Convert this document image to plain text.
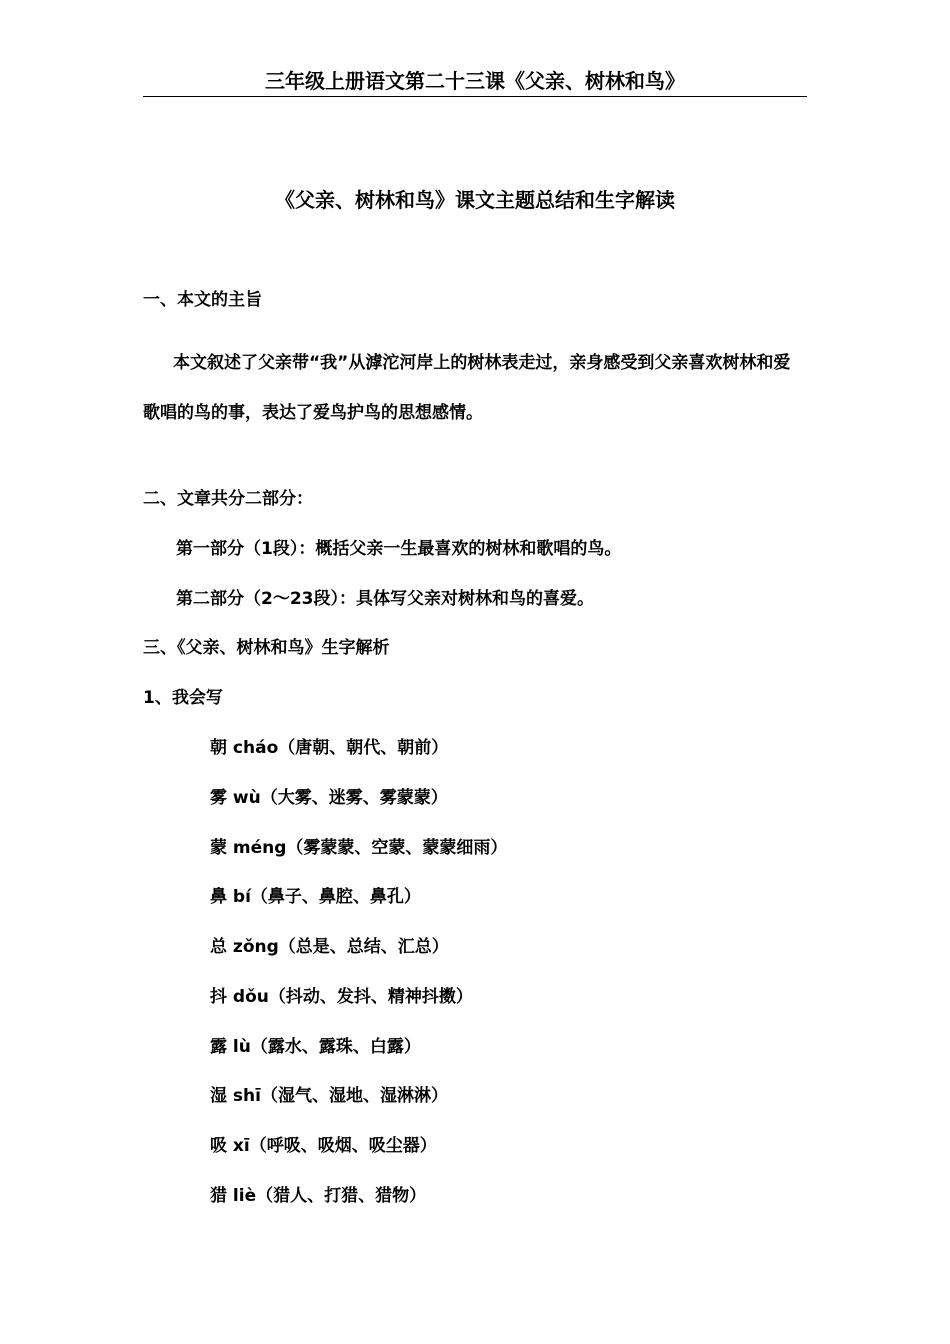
三年级上册语文第二十三课《父亲、树林和鸟》
《父亲、树林和鸟》课文主题总结和生字解读
一、本文的主旨
本文叙述了父亲带“我”从滹沱河岸上的树林表走过，亲身感受到父亲喜欢树林和爱歌唱的鸟的事，表达了爱鸟护鸟的思想感情。
二、文章共分二部分：
第一部分（1段）：概括父亲一生最喜欢的树林和歌唱的鸟。
第二部分（2～23段）：具体写父亲对树林和鸟的喜爱。
三、《父亲、树林和鸟》生字解析
1、我会写
朝 cháo（唐朝、朝代、朝前）
雾 wù（大雾、迷雾、雾蒙蒙）
蒙 méng（雾蒙蒙、空蒙、蒙蒙细雨）
鼻 bí（鼻子、鼻腔、鼻孔）
总 zǒng（总是、总结、汇总）
抖 dǒu（抖动、发抖、精神抖擞）
露 lù（露水、露珠、白露）
湿 shī（湿气、湿地、湿淋淋）
吸 xī（呼吸、吸烟、吸尘器）
猎 liè（猎人、打猎、猎物）
